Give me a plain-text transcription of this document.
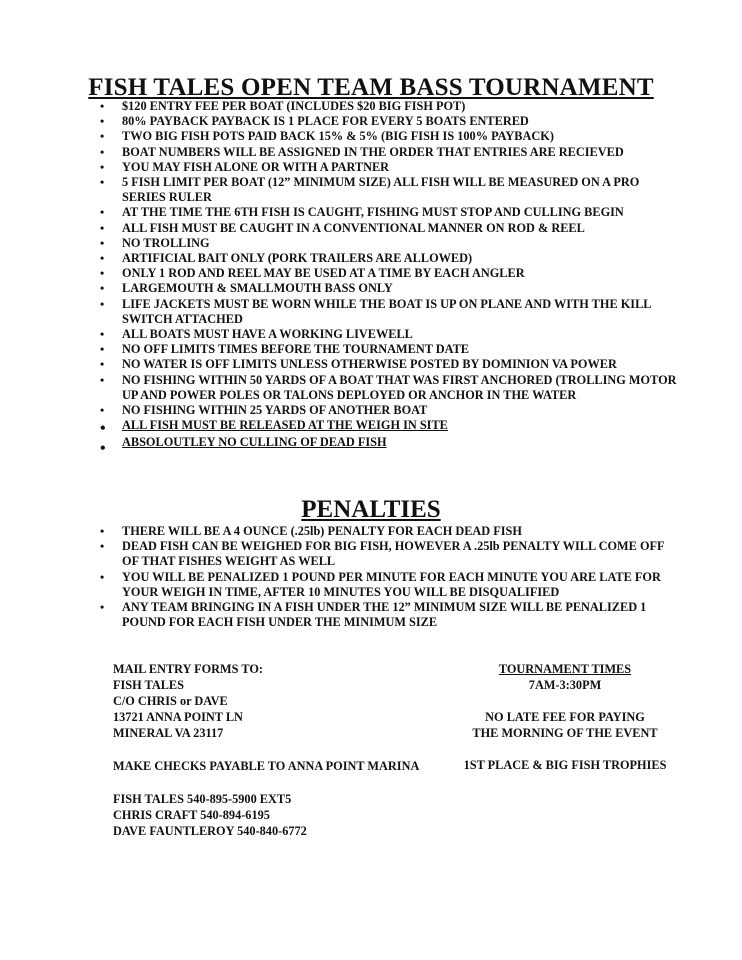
FISH TALES OPEN TEAM BASS TOURNAMENT
• $120 ENTRY FEE PER BOAT (INCLUDES $20 BIG FISH POT)
• 80% PAYBACK PAYBACK IS 1 PLACE FOR EVERY 5 BOATS ENTERED
• TWO BIG FISH POTS PAID BACK 15% & 5% (BIG FISH IS 100% PAYBACK)
• BOAT NUMBERS WILL BE ASSIGNED IN THE ORDER THAT ENTRIES ARE RECIEVED
• YOU MAY FISH ALONE OR WITH A PARTNER
• 5 FISH LIMIT PER BOAT (12” MINIMUM SIZE) ALL FISH WILL BE MEASURED ON A PRO SERIES RULER
• AT THE TIME THE 6TH FISH IS CAUGHT, FISHING MUST STOP AND CULLING BEGIN
• ALL FISH MUST BE CAUGHT IN A CONVENTIONAL MANNER ON ROD & REEL
• NO TROLLING
• ARTIFICIAL BAIT ONLY (PORK TRAILERS ARE ALLOWED)
• ONLY 1 ROD AND REEL MAY BE USED AT A TIME BY EACH ANGLER
• LARGEMOUTH & SMALLMOUTH BASS ONLY
• LIFE JACKETS MUST BE WORN WHILE THE BOAT IS UP ON PLANE AND WITH THE KILL SWITCH ATTACHED
• ALL BOATS MUST HAVE A WORKING LIVEWELL
• NO OFF LIMITS TIMES BEFORE THE TOURNAMENT DATE
• NO WATER IS OFF LIMITS UNLESS OTHERWISE POSTED BY DOMINION VA POWER
• NO FISHING WITHIN 50 YARDS OF A BOAT THAT WAS FIRST ANCHORED (TROLLING MOTOR UP AND POWER POLES OR TALONS DEPLOYED OR ANCHOR IN THE WATER
• NO FISHING WITHIN 25 YARDS OF ANOTHER BOAT
• ALL FISH MUST BE RELEASED AT THE WEIGH IN SITE
• ABSOLOUTLEY NO CULLING OF DEAD FISH
PENALTIES
• THERE WILL BE A 4 OUNCE (.25lb) PENALTY FOR EACH DEAD FISH
• DEAD FISH CAN BE WEIGHED FOR BIG FISH, HOWEVER A .25lb PENALTY WILL COME OFF OF THAT FISHES WEIGHT AS WELL
• YOU WILL BE PENALIZED 1 POUND PER MINUTE FOR EACH MINUTE YOU ARE LATE FOR YOUR WEIGH IN TIME, AFTER 10 MINUTES YOU WILL BE DISQUALIFIED
• ANY TEAM BRINGING IN A FISH UNDER THE 12” MINIMUM SIZE WILL BE PENALIZED 1 POUND FOR EACH FISH UNDER THE MINIMUM SIZE
MAIL ENTRY FORMS TO:
FISH TALES
C/O CHRIS or DAVE
13721 ANNA POINT LN
MINERAL VA 23117
MAKE CHECKS PAYABLE TO ANNA POINT MARINA
FISH TALES 540-895-5900 EXT5
CHRIS CRAFT 540-894-6195
DAVE FAUNTLEROY 540-840-6772
TOURNAMENT TIMES
7AM-3:30PM
NO LATE FEE FOR PAYING
THE MORNING OF THE EVENT
1ST PLACE & BIG FISH TROPHIES
